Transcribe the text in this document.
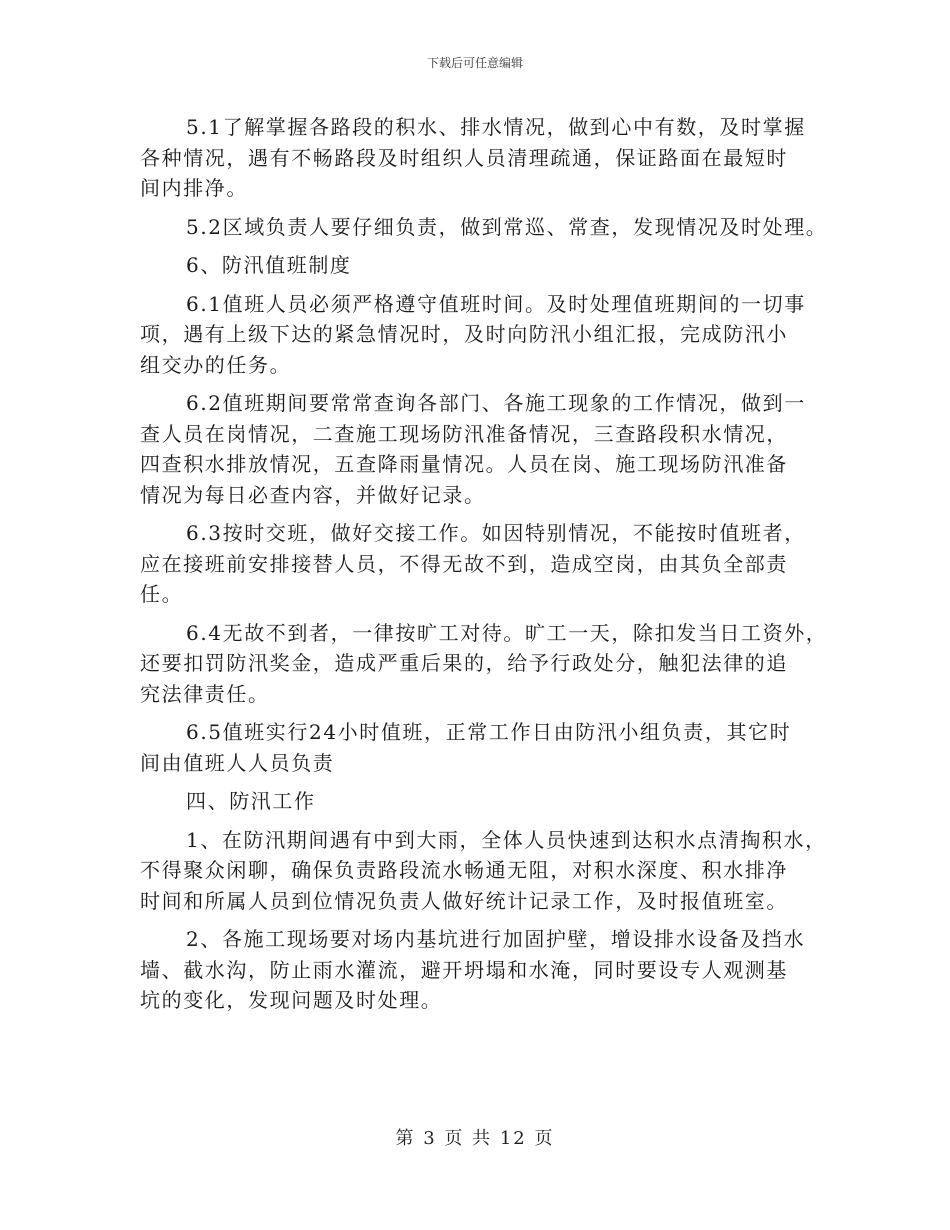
下载后可任意编辑
5.1了解掌握各路段的积水、排水情况，做到心中有数，及时掌握
各种情况，遇有不畅路段及时组织人员清理疏通，保证路面在最短时
间内排净。
5.2区域负责人要仔细负责，做到常巡、常查，发现情况及时处理。
6、防汛值班制度
6.1值班人员必须严格遵守值班时间。及时处理值班期间的一切事
项，遇有上级下达的紧急情况时，及时向防汛小组汇报，完成防汛小
组交办的任务。
6.2值班期间要常常查询各部门、各施工现象的工作情况，做到一
查人员在岗情况，二查施工现场防汛准备情况，三查路段积水情况，
四查积水排放情况，五查降雨量情况。人员在岗、施工现场防汛准备
情况为每日必查内容，并做好记录。
6.3按时交班，做好交接工作。如因特别情况，不能按时值班者，
应在接班前安排接替人员，不得无故不到，造成空岗，由其负全部责
任。
6.4无故不到者，一律按旷工对待。旷工一天，除扣发当日工资外，
还要扣罚防汛奖金，造成严重后果的，给予行政处分，触犯法律的追
究法律责任。
6.5值班实行24小时值班，正常工作日由防汛小组负责，其它时
间由值班人人员负责
四、防汛工作
1、在防汛期间遇有中到大雨，全体人员快速到达积水点清掏积水，
不得聚众闲聊，确保负责路段流水畅通无阻，对积水深度、积水排净
时间和所属人员到位情况负责人做好统计记录工作，及时报值班室。
2、各施工现场要对场内基坑进行加固护壁，增设排水设备及挡水
墙、截水沟，防止雨水灌流，避开坍塌和水淹，同时要设专人观测基
坑的变化，发现问题及时处理。
第 3 页 共 12 页
